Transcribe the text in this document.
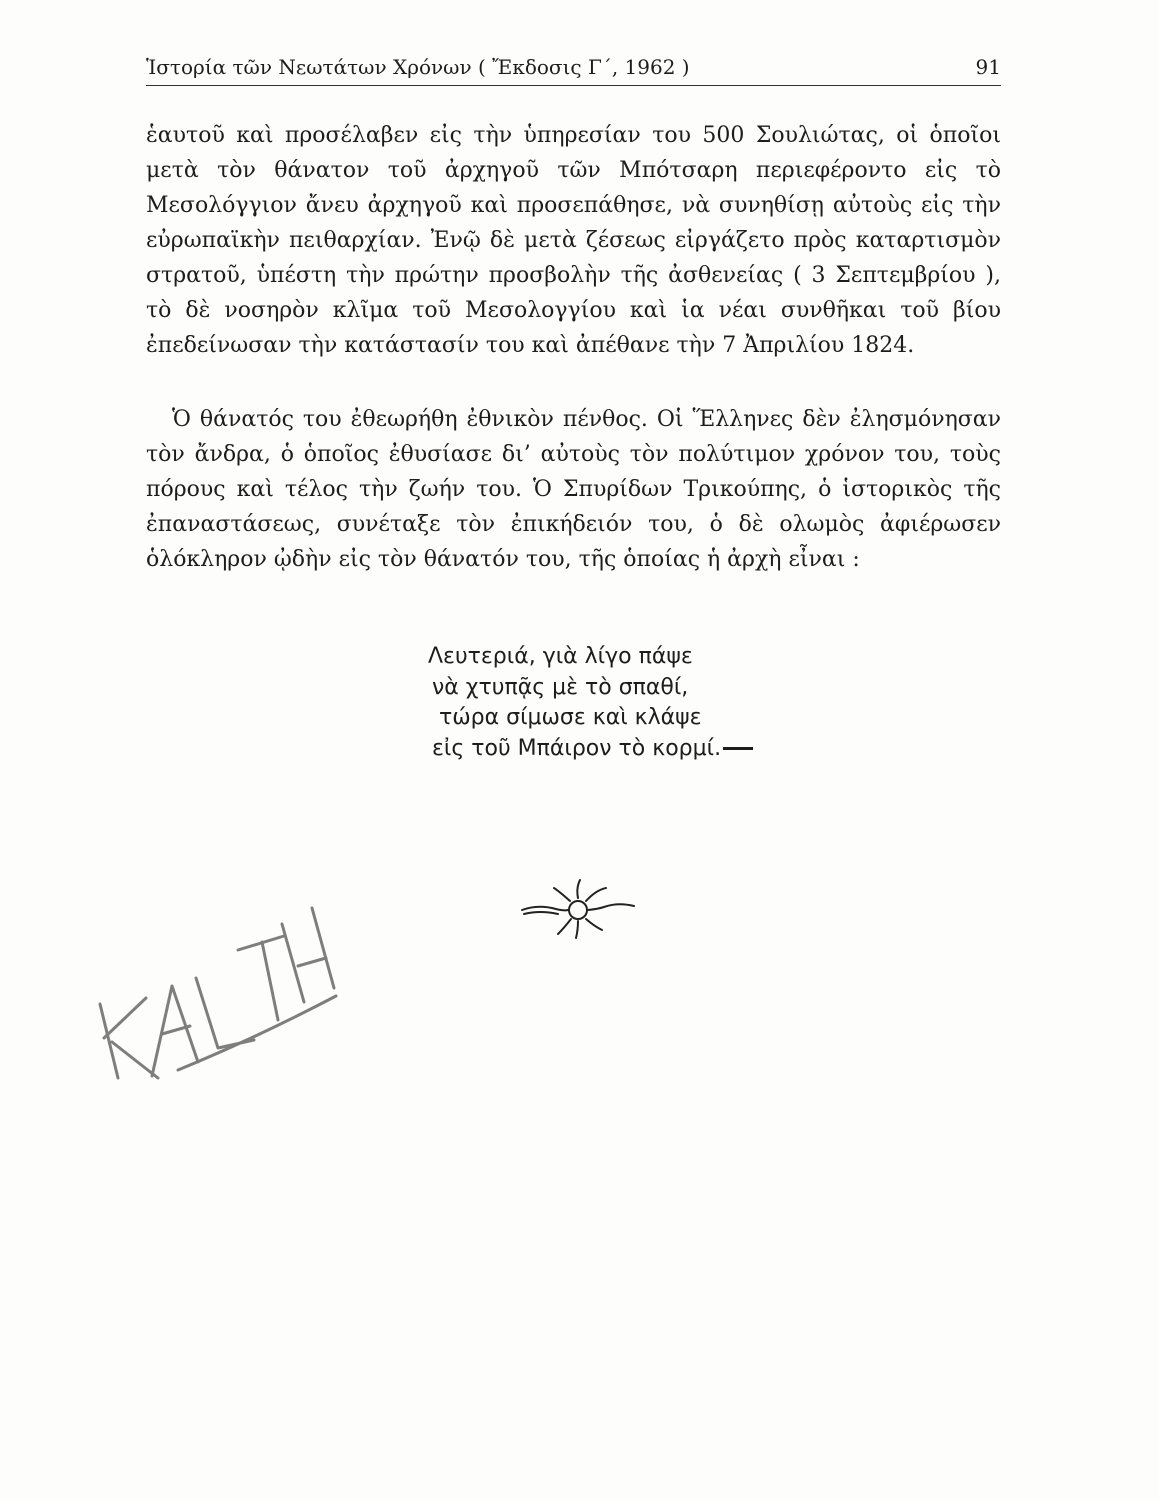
Ἱστορία τῶν Νεωτάτων Χρόνων ( Ἔκδοσις Γ΄, 1962 )	91

ἑαυτοῦ καὶ προσέλαβεν εἰς τὴν ὑπηρεσίαν του 500 Σουλιώτας, οἱ ὁποῖοι μετὰ τὸν θάνατον τοῦ ἀρχηγοῦ τῶν Μπότσαρη περιεφέροντο εἰς τὸ Μεσολόγγιον ἄνευ ἀρχηγοῦ καὶ προσεπάθησε, νὰ συνηθίσῃ αὐτοὺς εἰς τὴν εὐρωπαϊκὴν πειθαρχίαν. Ἐνῷ δὲ μετὰ ζέσεως εἰργάζετο πρὸς καταρτισμὸν στρατοῦ, ὑπέστη τὴν πρώτην προσβολὴν τῆς ἀσθενείας ( 3 Σεπτεμβρίου ), τὸ δὲ νοσηρὸν κλῖμα τοῦ Μεσολογγίου καὶ ἱα νέαι συνθῆκαι τοῦ βίου ἐπεδείνωσαν τὴν κατάστασίν του καὶ ἀπέθανε τὴν 7 Ἀπριλίου 1824.

Ὁ θάνατός του ἐθεωρήθη ἐθνικὸν πένθος. Οἱ Ἕλληνες δὲν ἐλησμόνησαν τὸν ἄνδρα, ὁ ὁποῖος ἐθυσίασε δι’ αὐτοὺς τὸν πολύτιμον χρόνον του, τοὺς πόρους καὶ τέλος τὴν ζωήν του. Ὁ Σπυρίδων Τρικούπης, ὁ ἱστορικὸς τῆς ἐπαναστάσεως, συνέταξε τὸν ἐπικήδειόν του, ὁ δὲ ολωμὸς ἀφιέρωσεν ὁλόκληρον ᾠδὴν εἰς τὸν θάνατόν του, τῆς ὁποίας ἡ ἀρχὴ εἶναι :

Λευτεριά, γιὰ λίγο πάψε
νὰ χτυπᾷς μὲ τὸ σπαθί,
τώρα σίμωσε καὶ κλάψε
εἰς τοῦ Μπάιρον τὸ κορμί.
